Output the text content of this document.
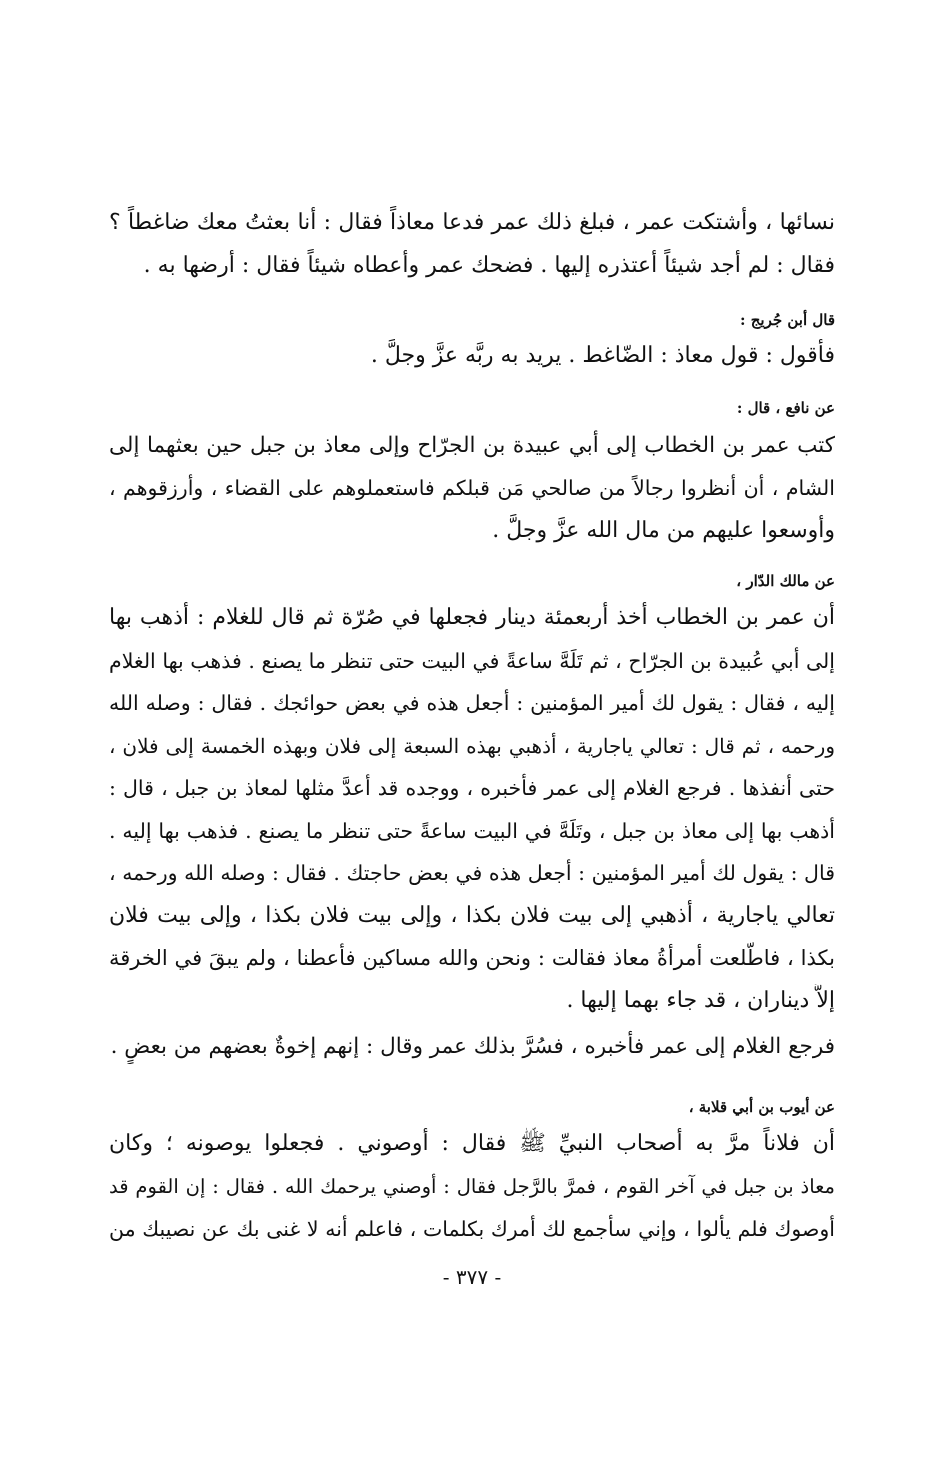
نسائها ، وأشتكت عمر ، فبلغ ذلك عمر فدعا معاذاً فقال : أنا بعثتُ معك ضاغطاً ؟
فقال : لم أجد شيئاً أعتذره إليها . فضحك عمر وأعطاه شيئاً فقال : أرضها به .
قال أبن جُريج :
فأقول : قول معاذ : الضّاغط . يريد به ربَّه عزَّ وجلَّ .
عن نافع ، قال :
كتب عمر بن الخطاب إلى أبي عبيدة بن الجرّاح وإلى معاذ بن جبل حين بعثهما إلى
الشام ، أن أنظروا رجالاً من صالحي مَن قبلكم فاستعملوهم على القضاء ، وأرزقوهم ،
وأوسعوا عليهم من مال الله عزَّ وجلَّ .
عن مالك الدّار ،
أن عمر بن الخطاب أخذ أربعمئة دينار فجعلها في صُرّة ثم قال للغلام : أذهب بها
إلى أبي عُبيدة بن الجرّاح ، ثم تَلَهَّ ساعةً في البيت حتى تنظر ما يصنع . فذهب بها الغلام
إليه ، فقال : يقول لك أمير المؤمنين : أجعل هذه في بعض حوائجك . فقال : وصله الله
ورحمه ، ثم قال : تعالي ياجارية ، أذهبي بهذه السبعة إلى فلان وبهذه الخمسة إلى فلان ،
حتى أنفذها . فرجع الغلام إلى عمر فأخبره ، ووجده قد أعدَّ مثلها لمعاذ بن جبل ، قال :
أذهب بها إلى معاذ بن جبل ، وتَلَهَّ في البيت ساعةً حتى تنظر ما يصنع . فذهب بها إليه .
قال : يقول لك أمير المؤمنين : أجعل هذه في بعض حاجتك . فقال : وصله الله ورحمه ،
تعالي ياجارية ، أذهبي إلى بيت فلان بكذا ، وإلى بيت فلان بكذا ، وإلى بيت فلان
بكذا ، فاطّلعت أمرأةُ معاذ فقالت : ونحن والله مساكين فأعطنا ، ولم يبقَ في الخرقة
إلاَّ ديناران ، قد جاء بهما إليها .
فرجع الغلام إلى عمر فأخبره ، فسُرَّ بذلك عمر وقال : إنهم إخوةٌ بعضهم من بعضٍ .
عن أيوب بن أبي قلابة ،
أن فلاناً مرَّ به أصحاب النبيِّ ﷺ فقال : أوصوني . فجعلوا يوصونه ؛ وكان
معاذ بن جبل في آخر القوم ، فمرَّ بالرَّجل فقال : أوصني يرحمك الله . فقال : إن القوم قد
أوصوك فلم يألوا ، وإني سأجمع لك أمرك بكلمات ، فاعلم أنه لا غنى بك عن نصيبك من
- ٣٧٧ -
